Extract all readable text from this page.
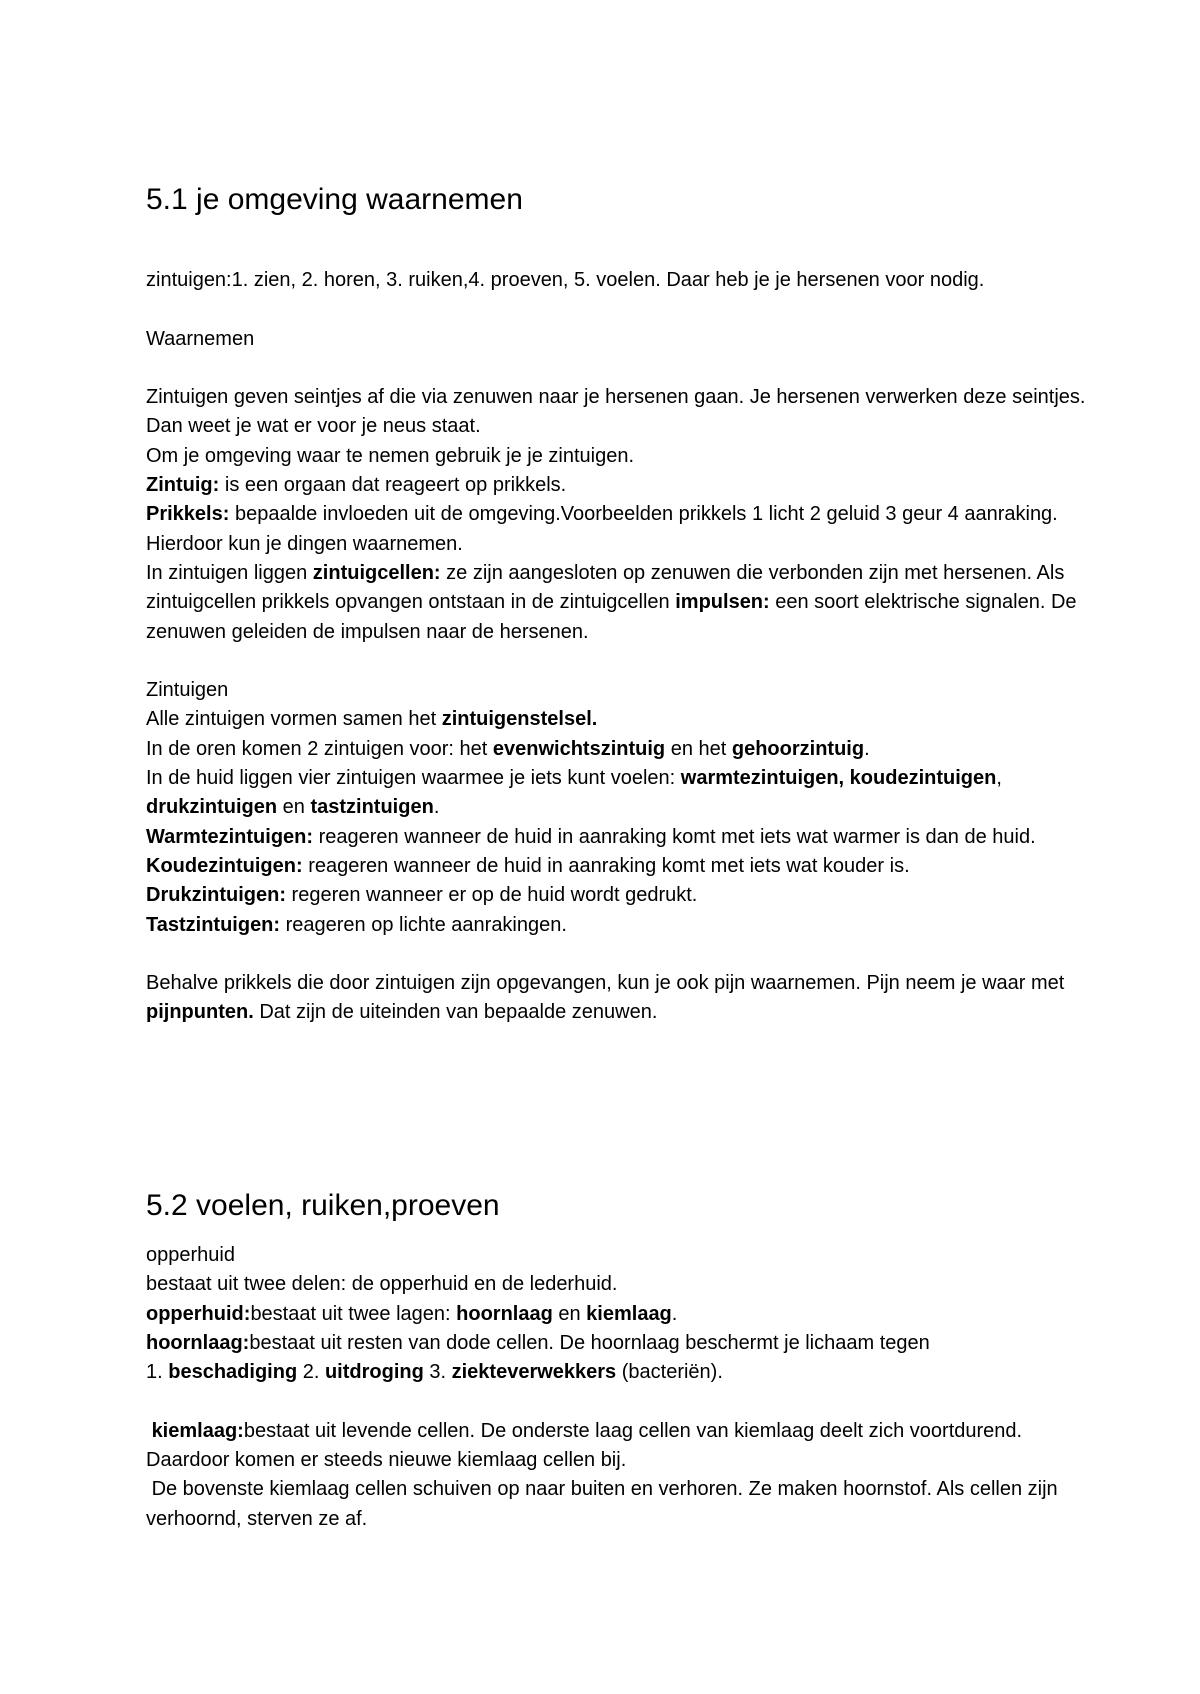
5.1 je omgeving waarnemen

zintuigen:1. zien, 2. horen, 3. ruiken,4. proeven, 5. voelen. Daar heb je je hersenen voor nodig.

Waarnemen

Zintuigen geven seintjes af die via zenuwen naar je hersenen gaan. Je hersenen verwerken deze seintjes. Dan weet je wat er voor je neus staat.

Om je omgeving waar te nemen gebruik je je zintuigen.

Zintuig: is een orgaan dat reageert op prikkels.

Prikkels: bepaalde invloeden uit de omgeving.Voorbeelden prikkels 1 licht 2 geluid 3 geur 4 aanraking.

Hierdoor kun je dingen waarnemen.

In zintuigen liggen zintuigcellen: ze zijn aangesloten op zenuwen die verbonden zijn met hersenen. Als zintuigcellen prikkels opvangen ontstaan in de zintuigcellen impulsen: een soort elektrische signalen. De zenuwen geleiden de impulsen naar de hersenen.

Zintuigen

Alle zintuigen vormen samen het zintuigenstelsel.

In de oren komen 2 zintuigen voor: het evenwichtszintuig en het gehoorzintuig.

In de huid liggen vier zintuigen waarmee je iets kunt voelen: warmtezintuigen, koudezintuigen, drukzintuigen en tastzintuigen.

Warmtezintuigen: reageren wanneer de huid in aanraking komt met iets wat warmer is dan de huid.

Koudezintuigen: reageren wanneer de huid in aanraking komt met iets wat kouder is.

Drukzintuigen: regeren wanneer er op de huid wordt gedrukt.

Tastzintuigen: reageren op lichte aanrakingen.

Behalve prikkels die door zintuigen zijn opgevangen, kun je ook pijn waarnemen. Pijn neem je waar met pijnpunten. Dat zijn de uiteinden van bepaalde zenuwen.

5.2 voelen, ruiken,proeven

opperhuid

bestaat uit twee delen: de opperhuid en de lederhuid.

opperhuid:bestaat uit twee lagen: hoornlaag en kiemlaag.

hoornlaag:bestaat uit resten van dode cellen. De hoornlaag beschermt je lichaam tegen

1. beschadiging 2. uitdroging 3. ziekteverwekkers (bacteriën).

kiemlaag:bestaat uit levende cellen. De onderste laag cellen van kiemlaag deelt zich voortdurend. Daardoor komen er steeds nieuwe kiemlaag cellen bij.

De bovenste kiemlaag cellen schuiven op naar buiten en verhoren. Ze maken hoornstof. Als cellen zijn verhoornd, sterven ze af.
